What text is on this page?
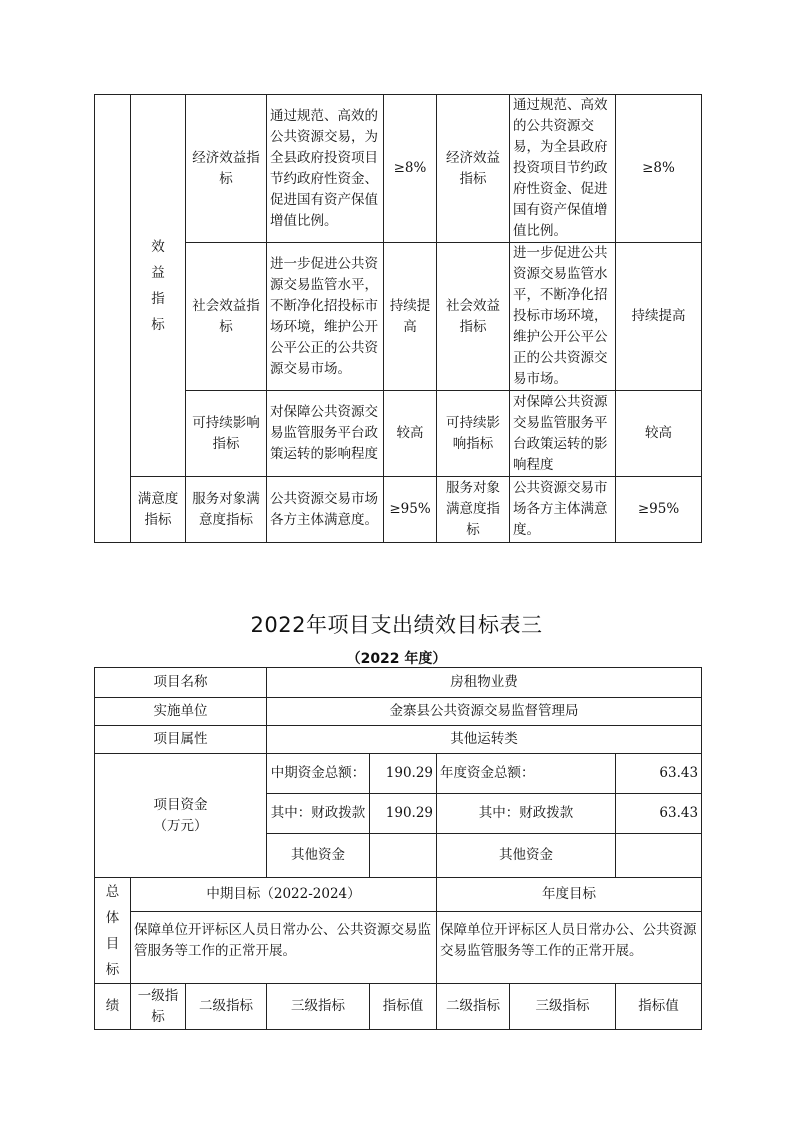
	效
益
指
标	经济效益指标	通过规范、高效的公共资源交易，为全县政府投资项目节约政府性资金、促进国有资产保值增值比例。	≥8%	经济效益指标	通过规范、高效的公共资源交易，为全县政府投资项目节约政府性资金、促进国有资产保值增值比例。	≥8%
		社会效益指标	进一步促进公共资源交易监管水平，不断净化招投标市场环境，维护公开公平公正的公共资源交易市场。	持续提高	社会效益指标	进一步促进公共资源交易监管水平，不断净化招投标市场环境，维护公开公平公正的公共资源交易市场。	持续提高
		可持续影响指标	对保障公共资源交易监管服务平台政策运转的影响程度	较高	可持续影响指标	对保障公共资源交易监管服务平台政策运转的影响程度	较高
	满意度指标	服务对象满意度指标	公共资源交易市场各方主体满意度。	≥95%	服务对象满意度指标	公共资源交易市场各方主体满意度。	≥95%
2022年项目支出绩效目标表三
（2022 年度）
项目名称			房租物业费				
实施单位			金寨县公共资源交易监督管理局				
项目属性			其他运转类				

项目资金
（万元）			中期资金总额：	190.29	年度资金总额：		63.43
			其中：财政拨款	190.29	其中：财政拨款		63.43
			其他资金		其他资金		

总
体
目
标	中期目标（2022-2024）				年度目标		
	保障单位开评标区人员日常办公、公共资源交易监管服务等工作的正常开展。				保障单位开评标区人员日常办公、公共资源交易监管服务等工作的正常开展。		
绩	一级指标	二级指标	三级指标	指标值	二级指标	三级指标	指标值
